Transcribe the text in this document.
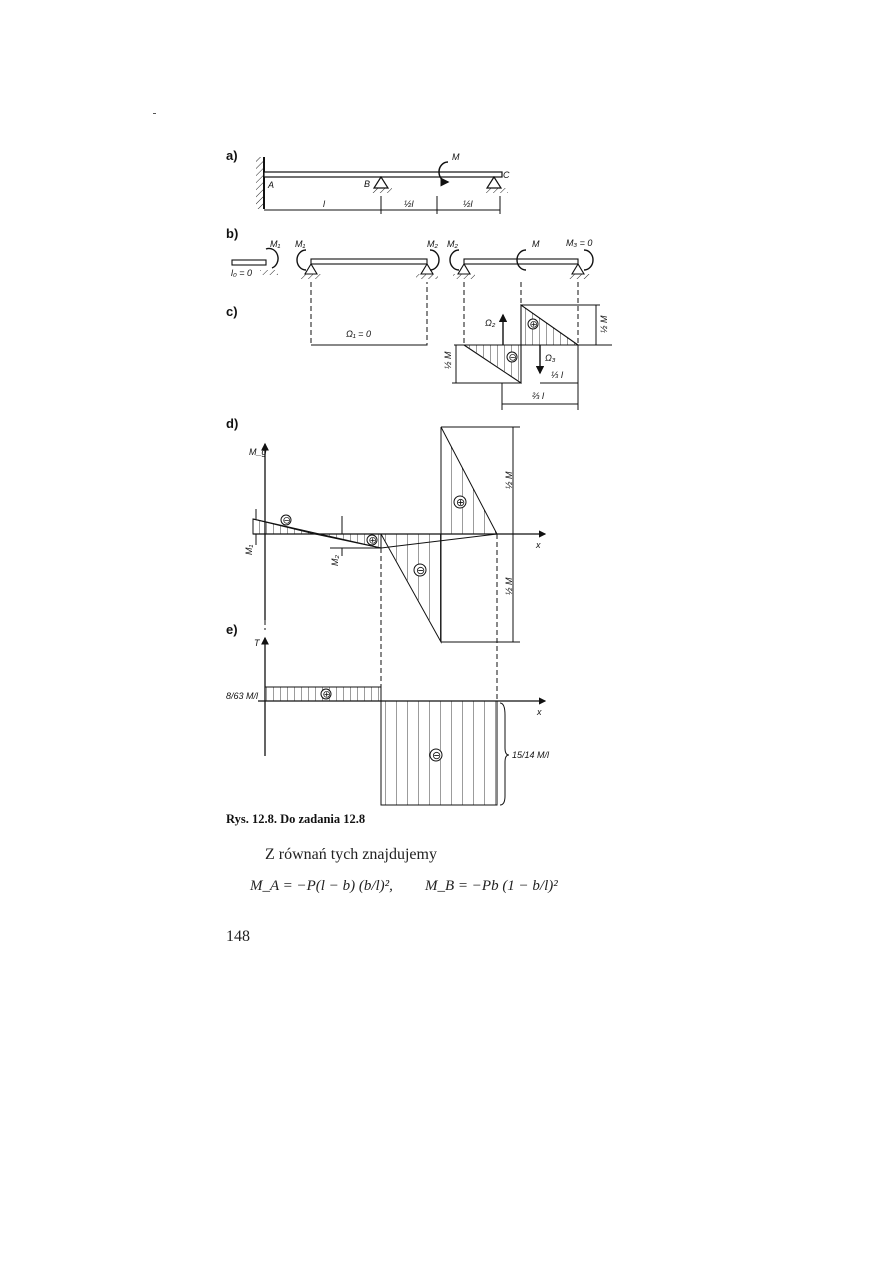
a)
A	B
C
M
l	½l	½l
b)
l₀ = 0
M₁ M₁	M₂ M₂	M	M₃ = 0
c)
Ω₁ = 0
⊖
⊕
Ω₂
Ω₃
½ M
½ M
⅓ l
⅔ l
d)
M_g
x
⊖
⊕
M₁
M₂
⊖
⊕
½ M
½ M
e)
T
x
⊕
8/63 M/l
⊖	15/14 M/l
Rys. 12.8. Do zadania 12.8
Z równań tych znajdujemy
M_A = −P(l − b) (b/l)², M_B = −Pb (1 − b/l)²
148
